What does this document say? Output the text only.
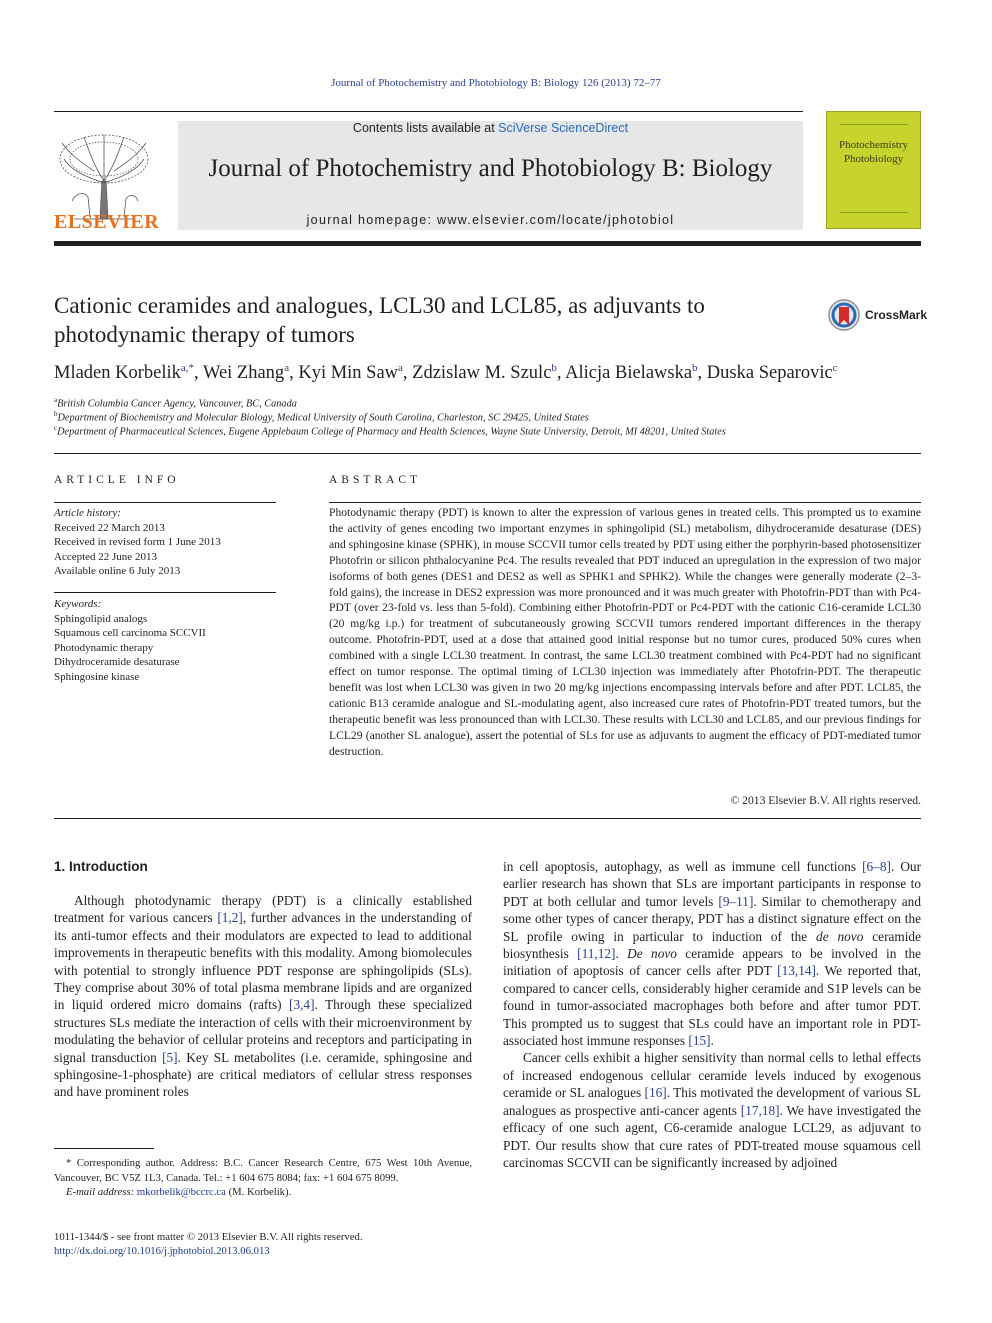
Journal of Photochemistry and Photobiology B: Biology 126 (2013) 72–77
ELSEVIER
Contents lists available at SciVerse ScienceDirect
Journal of Photochemistry and Photobiology B: Biology
journal homepage: www.elsevier.com/locate/jphotobiol
Photochemistry Photobiology
Cationic ceramides and analogues, LCL30 and LCL85, as adjuvants to photodynamic therapy of tumors
CrossMark
Mladen Korbelik$^{a,*}$, Wei Zhang$^a$, Kyi Min Saw$^a$, Zdzislaw M. Szulc$^b$, Alicja Bielawska$^b$, Duska Separovic$^c$
$^a$British Columbia Cancer Agency, Vancouver, BC, Canada
$^b$Department of Biochemistry and Molecular Biology, Medical University of South Carolina, Charleston, SC 29425, United States
$^c$Department of Pharmaceutical Sciences, Eugene Applebaum College of Pharmacy and Health Sciences, Wayne State University, Detroit, MI 48201, United States
ARTICLE INFO
Article history:
Received 22 March 2013
Received in revised form 1 June 2013
Accepted 22 June 2013
Available online 6 July 2013
Keywords:
Sphingolipid analogs
Squamous cell carcinoma SCCVII
Photodynamic therapy
Dihydroceramide desaturase
Sphingosine kinase
ABSTRACT
Photodynamic therapy (PDT) is known to alter the expression of various genes in treated cells. This prompted us to examine the activity of genes encoding two important enzymes in sphingolipid (SL) metabolism, dihydroceramide desaturase (DES) and sphingosine kinase (SPHK), in mouse SCCVII tumor cells treated by PDT using either the porphyrin-based photosensitizer Photofrin or silicon phthalocyanine Pc4. The results revealed that PDT induced an upregulation in the expression of two major isoforms of both genes (DES1 and DES2 as well as SPHK1 and SPHK2). While the changes were generally moderate (2–3-fold gains), the increase in DES2 expression was more pronounced and it was much greater with Photofrin-PDT than with Pc4-PDT (over 23-fold vs. less than 5-fold). Combining either Photofrin-PDT or Pc4-PDT with the cationic C16-ceramide LCL30 (20 mg/kg i.p.) for treatment of subcutaneously growing SCCVII tumors rendered important differences in the therapy outcome. Photofrin-PDT, used at a dose that attained good initial response but no tumor cures, produced 50% cures when combined with a single LCL30 treatment. In contrast, the same LCL30 treatment combined with Pc4-PDT had no significant effect on tumor response. The optimal timing of LCL30 injection was immediately after Photofrin-PDT. The therapeutic benefit was lost when LCL30 was given in two 20 mg/kg injections encompassing intervals before and after PDT. LCL85, the cationic B13 ceramide analogue and SL-modulating agent, also increased cure rates of Photofrin-PDT treated tumors, but the therapeutic benefit was less pronounced than with LCL30. These results with LCL30 and LCL85, and our previous findings for LCL29 (another SL analogue), assert the potential of SLs for use as adjuvants to augment the efficacy of PDT-mediated tumor destruction.
© 2013 Elsevier B.V. All rights reserved.
1. Introduction

Although photodynamic therapy (PDT) is a clinically established treatment for various cancers [1,2], further advances in the understanding of its anti-tumor effects and their modulators are expected to lead to additional improvements in therapeutic benefits with this modality. Among biomolecules with potential to strongly influence PDT response are sphingolipids (SLs). They comprise about 30% of total plasma membrane lipids and are organized in liquid ordered micro domains (rafts) [3,4]. Through these specialized structures SLs mediate the interaction of cells with their microenvironment by modulating the behavior of cellular proteins and receptors and participating in signal transduction [5]. Key SL metabolites (i.e. ceramide, sphingosine and sphingosine-1-phosphate) are critical mediators of cellular stress responses and have prominent roles

in cell apoptosis, autophagy, as well as immune cell functions [6–8]. Our earlier research has shown that SLs are important participants in response to PDT at both cellular and tumor levels [9–11]. Similar to chemotherapy and some other types of cancer therapy, PDT has a distinct signature effect on the SL profile owing in particular to induction of the de novo ceramide biosynthesis [11,12]. De novo ceramide appears to be involved in the initiation of apoptosis of cancer cells after PDT [13,14]. We reported that, compared to cancer cells, considerably higher ceramide and S1P levels can be found in tumor-associated macrophages both before and after tumor PDT. This prompted us to suggest that SLs could have an important role in PDT-associated host immune responses [15].

Cancer cells exhibit a higher sensitivity than normal cells to lethal effects of increased endogenous cellular ceramide levels induced by exogenous ceramide or SL analogues [16]. This motivated the development of various SL analogues as prospective anti-cancer agents [17,18]. We have investigated the efficacy of one such agent, C6-ceramide analogue LCL29, as adjuvant to PDT. Our results show that cure rates of PDT-treated mouse squamous cell carcinomas SCCVII can be significantly increased by adjoined

* Corresponding author. Address: B.C. Cancer Research Centre, 675 West 10th Avenue, Vancouver, BC V5Z 1L3, Canada. Tel.: +1 604 675 8084; fax: +1 604 675 8099.
E-mail address: mkorbelik@bccrc.ca (M. Korbelik).
1011-1344/$ - see front matter © 2013 Elsevier B.V. All rights reserved.
http://dx.doi.org/10.1016/j.jphotobiol.2013.06.013
